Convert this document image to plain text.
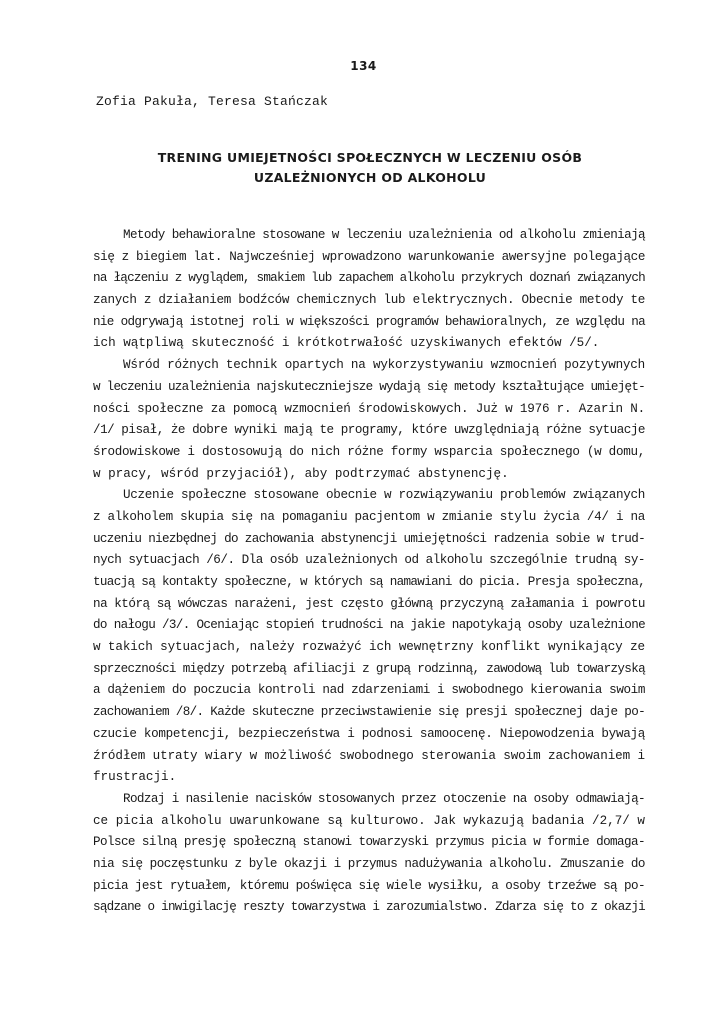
134
Zofia Pakuła, Teresa Stańczak
TRENING UMIEJETNOŚCI SPOŁECZNYCH W LECZENIU OSÓB
UZALEŻNIONYCH OD ALKOHOLU
Metody behawioralne stosowane w leczeniu uzależnienia od alkoholu zmieniają
się z biegiem lat. Najwcześniej wprowadzono warunkowanie awersyjne polegające
na łączeniu z wyglądem, smakiem lub zapachem alkoholu przykrych doznań związanych
zanych z działaniem bodźców chemicznych lub elektrycznych. Obecnie metody te
nie odgrywają istotnej roli w większości programów behawioralnych, ze względu na
ich wątpliwą skuteczność i krótkotrwałość uzyskiwanych efektów /5/.
Wśród różnych technik opartych na wykorzystywaniu wzmocnień pozytywnych
w leczeniu uzależnienia najskuteczniejsze wydają się metody kształtujące umiejęt-
ności społeczne za pomocą wzmocnień środowiskowych. Już w 1976 r. Azarin N.
/1/ pisał, że dobre wyniki mają te programy, które uwzględniają różne sytuacje
środowiskowe i dostosowują do nich różne formy wsparcia społecznego (w domu,
w pracy, wśród przyjaciół), aby podtrzymać abstynencję.
Uczenie społeczne stosowane obecnie w rozwiązywaniu problemów związanych
z alkoholem skupia się na pomaganiu pacjentom w zmianie stylu życia /4/ i na
uczeniu niezbędnej do zachowania abstynencji umiejętności radzenia sobie w trud-
nych sytuacjach /6/. Dla osób uzależnionych od alkoholu szczególnie trudną sy-
tuacją są kontakty społeczne, w których są namawiani do picia. Presja społeczna,
na którą są wówczas narażeni, jest często główną przyczyną załamania i powrotu
do nałogu /3/. Oceniając stopień trudności na jakie napotykają osoby uzależnione
w takich sytuacjach, należy rozważyć ich wewnętrzny konflikt wynikający ze
sprzeczności między potrzebą afiliacji z grupą rodzinną, zawodową lub towarzyską
a dążeniem do poczucia kontroli nad zdarzeniami i swobodnego kierowania swoim
zachowaniem /8/. Każde skuteczne przeciwstawienie się presji społecznej daje po-
czucie kompetencji, bezpieczeństwa i podnosi samoocenę. Niepowodzenia bywają
źródłem utraty wiary w możliwość swobodnego sterowania swoim zachowaniem i
frustracji.
Rodzaj i nasilenie nacisków stosowanych przez otoczenie na osoby odmawiają-
ce picia alkoholu uwarunkowane są kulturowo. Jak wykazują badania /2,7/ w
Polsce silną presję społeczną stanowi towarzyski przymus picia w formie domaga-
nia się poczęstunku z byle okazji i przymus nadużywania alkoholu. Zmuszanie do
picia jest rytuałem, któremu poświęca się wiele wysiłku, a osoby trzeźwe są po-
sądzane o inwigilację reszty towarzystwa i zarozumialstwo. Zdarza się to z okazji
